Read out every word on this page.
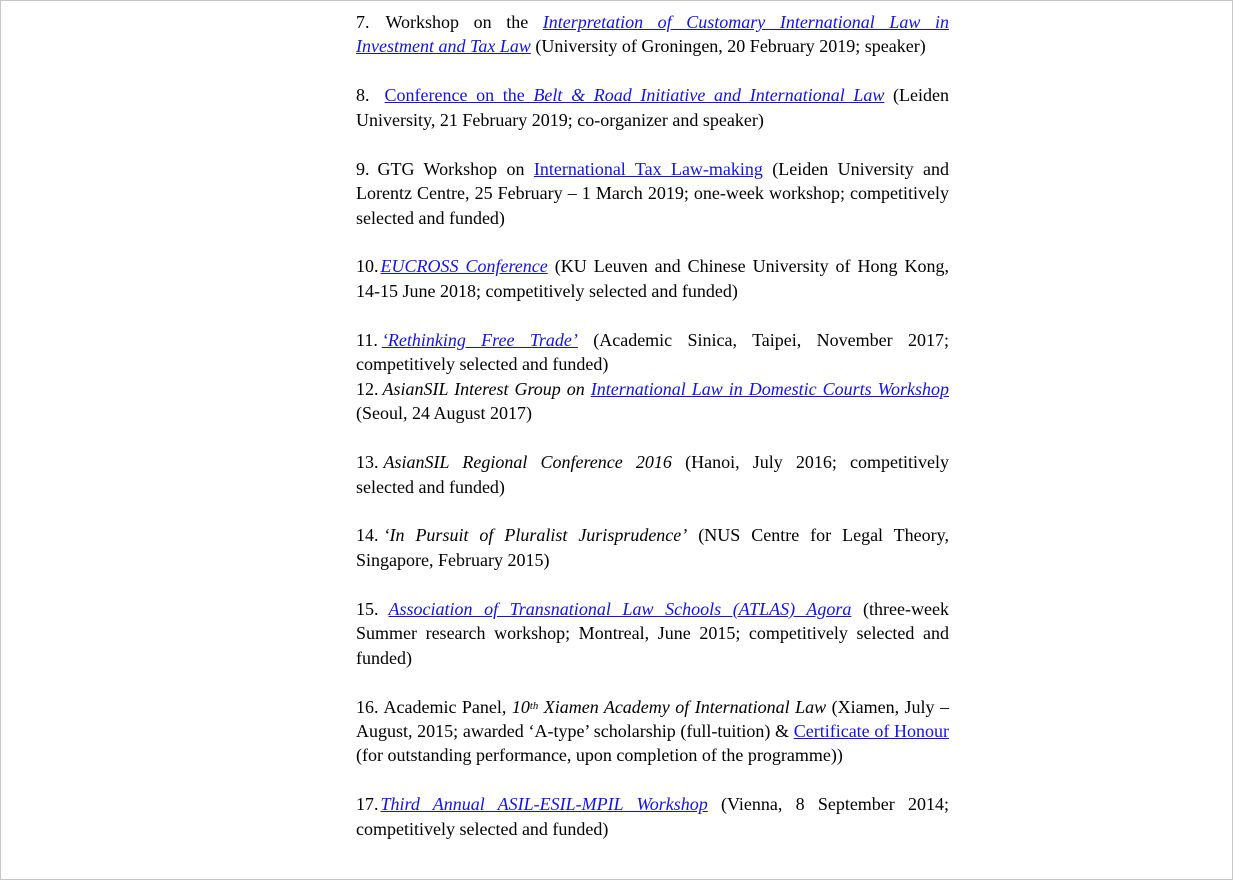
7. Workshop on the Interpretation of Customary International Law in Investment and Tax Law (University of Groningen, 20 February 2019; speaker)

8. Conference on the Belt & Road Initiative and International Law (Leiden University, 21 February 2019; co-organizer and speaker)

9. GTG Workshop on International Tax Law-making (Leiden University and Lorentz Centre, 25 February – 1 March 2019; one-week workshop; competitively selected and funded)

10. EUCROSS Conference (KU Leuven and Chinese University of Hong Kong, 14-15 June 2018; competitively selected and funded)

11. ‘Rethinking Free Trade’ (Academic Sinica, Taipei, November 2017; competitively selected and funded)

12. AsianSIL Interest Group on International Law in Domestic Courts Workshop (Seoul, 24 August 2017)

13. AsianSIL Regional Conference 2016 (Hanoi, July 2016; competitively selected and funded)

14. ‘In Pursuit of Pluralist Jurisprudence’ (NUS Centre for Legal Theory, Singapore, February 2015)

15. Association of Transnational Law Schools (ATLAS) Agora (three-week Summer research workshop; Montreal, June 2015; competitively selected and funded)

16. Academic Panel, 10th Xiamen Academy of International Law (Xiamen, July – August, 2015; awarded ‘A-type’ scholarship (full-tuition) & Certificate of Honour (for outstanding performance, upon completion of the programme))

17. Third Annual ASIL-ESIL-MPIL Workshop (Vienna, 8 September 2014; competitively selected and funded)
